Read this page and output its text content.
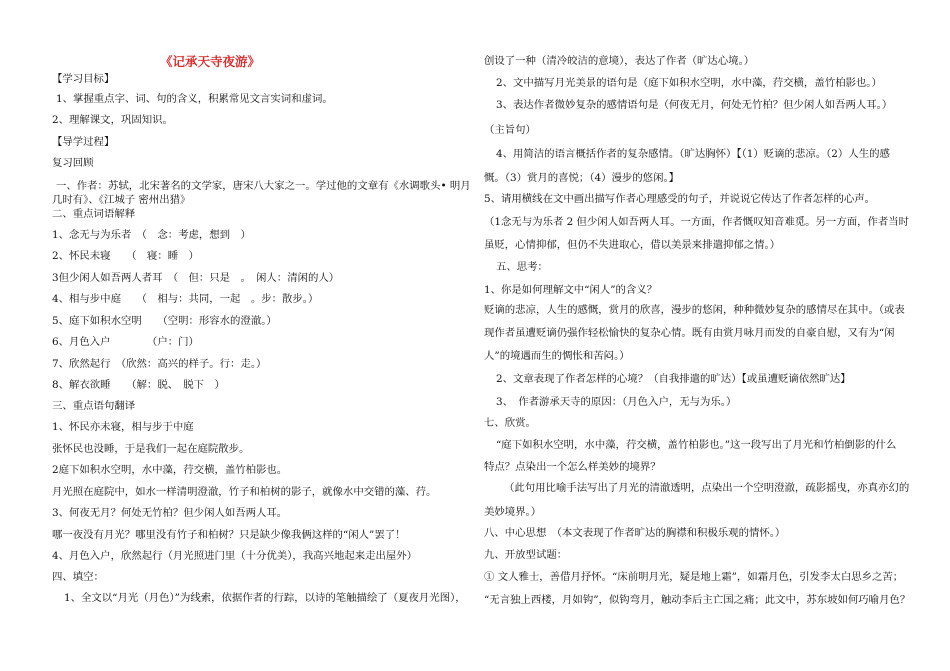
《记承天寺夜游》
【学习目标】
1、掌握重点字、词、句的含义，积累常见文言实词和虚词。
2、理解课文，巩固知识。
【导学过程】
复习回顾
一、作者：苏轼，北宋著名的文学家，唐宋八大家之一。学过他的文章有《水调歌头• 明月
几时有》、《江城子 密州出猎》
二、重点词语解释
1、念无与为乐者　（　念：考虑，想到　）
2、怀民未寝　　（　寝：睡　）
3但少闲人如吾两人者耳　（　但：只是　。　闲人：清闲的人）
4、相与步中庭　　（　相与：共同，一起　。步：散步。）
5、庭下如积水空明　　（空明：形容水的澄澈。）
6、月色入户　　　　（户：门）
7、欣然起行　（欣然：高兴的样子。行：走。）
8、解衣欲睡　　（解：脱、　脱下　）
三、重点语句翻译
1、怀民亦未寝，相与步于中庭
张怀民也没睡，于是我们一起在庭院散步。
2庭下如积水空明，水中藻，荇交横，盖竹柏影也。
月光照在庭院中，如水一样清明澄澈，竹子和柏树的影子，就像水中交错的藻、荇。
3、何夜无月？何处无竹柏？但少闲人如吾两人耳。
哪一夜没有月光？哪里没有竹子和柏树？只是缺少像我俩这样的“闲人”罢了！
4、月色入户，欣然起行（月光照进门里（十分优美），我高兴地起来走出屋外）
四、填空：
1、全文以“月光（月色）”为线索，依据作者的行踪，以诗的笔触描绘了（夏夜月光图），
创设了一种（清冷皎洁的意境），表达了作者（旷达心境。）
2、文中描写月光美景的语句是（庭下如积水空明，水中藻，荇交横，盖竹柏影也。）
3、表达作者微妙复杂的感情语句是（何夜无月，何处无竹柏？但少闲人如吾两人耳。）
（主旨句）
4、用简洁的语言概括作者的复杂感情。（旷达胸怀）【（1）贬谪的悲凉。（2）人生的感
慨。（3）赏月的喜悦；（4）漫步的悠闲。】
5、请用横线在文中画出描写作者心理感受的句子，并说说它传达了作者怎样的心声。
（1念无与为乐者 2 但少闲人如吾两人耳。一方面，作者慨叹知音难觅。另一方面，作者当时
虽贬，心情抑郁，但仍不失进取心，借以美景来排遣抑郁之情。）
五、思考：
1、你是如何理解文中“闲人”的含义？
贬谪的悲凉，人生的感慨，赏月的欣喜，漫步的悠闲，种种微妙复杂的感情尽在其中。（或表
现作者虽遭贬谪仍强作轻松愉快的复杂心情。既有由赏月咏月而发的自豪自慰，又有为“闲
人”的境遇而生的惆怅和苦闷。）
2、文章表现了作者怎样的心境？（自我排遣的旷达）【或虽遭贬谪依然旷达】
3、　作者游承天寺的原因：（月色入户，无与为乐。）
七、欣赏。
“庭下如积水空明，水中藻，荇交横，盖竹柏影也。”这一段写出了月光和竹柏倒影的什么
特点？点染出一个怎么样美妙的境界？
（此句用比喻手法写出了月光的清澈透明，点染出一个空明澄澈，疏影摇曳，亦真亦幻的
美妙境界。）
八、中心思想　（本文表现了作者旷达的胸襟和积极乐观的情怀。）
九、开放型试题：
① 文人雅士，善借月抒怀。“床前明月光，疑是地上霜”，如霜月色，引发李太白思乡之苦；
“无言独上西楼，月如钩”，似钩弯月，触动李后主亡国之痛；此文中，苏东坡如何巧喻月色？
